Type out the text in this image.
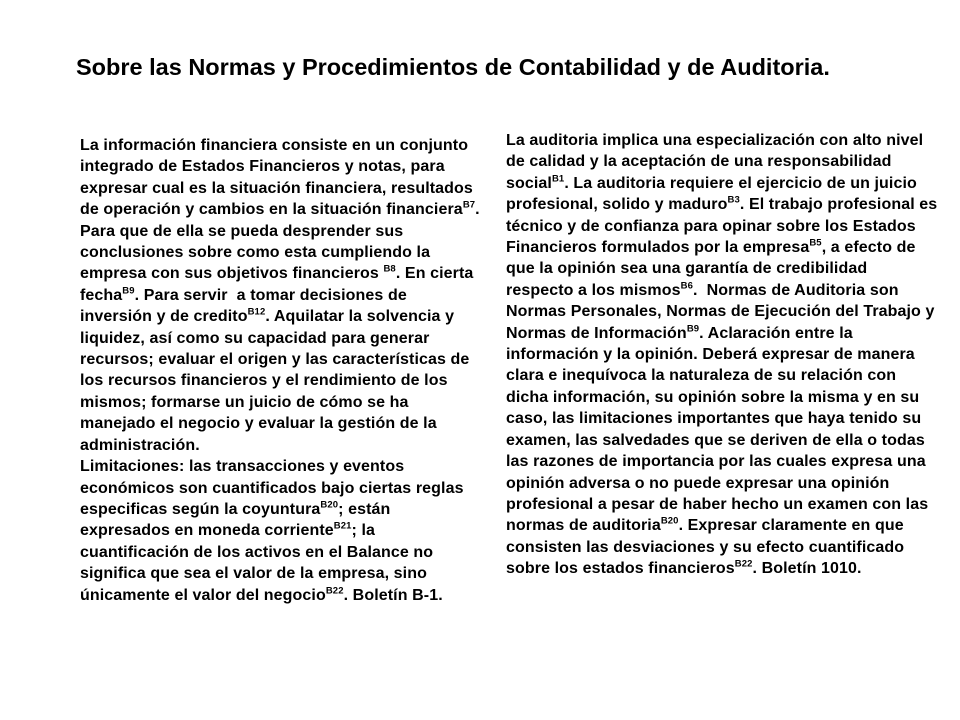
Sobre las Normas y Procedimientos de Contabilidad y de Auditoria.
La información financiera consiste en un conjunto integrado de Estados Financieros y notas, para expresar cual es la situación financiera, resultados de operación y cambios en la situación financiera$^{B7}$. Para que de ella se pueda desprender sus conclusiones sobre como esta cumpliendo la empresa con sus objetivos financieros $^{B8}$. En cierta fecha$^{B9}$. Para servir  a tomar decisiones de inversión y de credito$^{B12}$. Aquilatar la solvencia y liquidez, así como su capacidad para generar recursos; evaluar el origen y las características de los recursos financieros y el rendimiento de los mismos; formarse un juicio de cómo se ha manejado el negocio y evaluar la gestión de la administración.
Limitaciones: las transacciones y eventos económicos son cuantificados bajo ciertas reglas especificas según la coyuntura$^{B20}$; están expresados en moneda corriente$^{B21}$; la cuantificación de los activos en el Balance no significa que sea el valor de la empresa, sino únicamente el valor del negocio$^{B22}$. Boletín B-1.
La auditoria implica una especialización con alto nivel de calidad y la aceptación de una responsabilidad social$^{B1}$. La auditoria requiere el ejercicio de un juicio profesional, solido y maduro$^{B3}$. El trabajo profesional es técnico y de confianza para opinar sobre los Estados Financieros formulados por la empresa$^{B5}$, a efecto de que la opinión sea una garantía de credibilidad respecto a los mismos$^{B6}$.  Normas de Auditoria son Normas Personales, Normas de Ejecución del Trabajo y Normas de Información$^{B9}$. Aclaración entre la información y la opinión. Deberá expresar de manera clara e inequívoca la naturaleza de su relación con dicha información, su opinión sobre la misma y en su caso, las limitaciones importantes que haya tenido su examen, las salvedades que se deriven de ella o todas las razones de importancia por las cuales expresa una opinión adversa o no puede expresar una opinión profesional a pesar de haber hecho un examen con las normas de auditoria$^{B20}$. Expresar claramente en que consisten las desviaciones y su efecto cuantificado sobre los estados financieros$^{B22}$. Boletín 1010.
